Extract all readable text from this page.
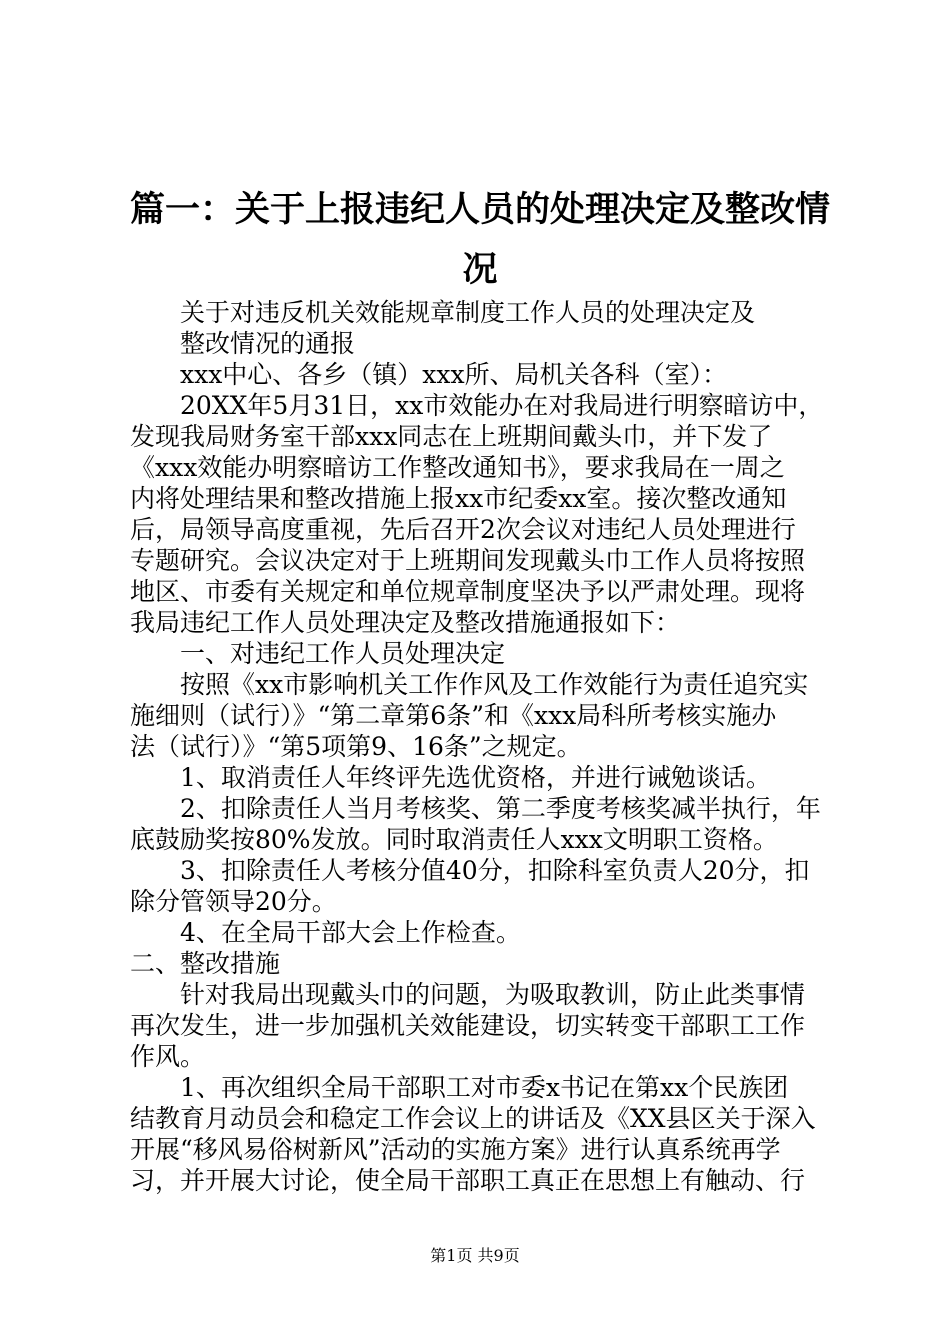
篇一：关于上报违纪人员的处理决定及整改情
况
关于对违反机关效能规章制度工作人员的处理决定及
整改情况的通报
xxx中心、各乡（镇）xxx所、局机关各科（室）：
20XX年5月31日，xx市效能办在对我局进行明察暗访中，
发现我局财务室干部xxx同志在上班期间戴头巾，并下发了
《xxx效能办明察暗访工作整改通知书》，要求我局在一周之
内将处理结果和整改措施上报xx市纪委xx室。接次整改通知
后，局领导高度重视，先后召开2次会议对违纪人员处理进行
专题研究。会议决定对于上班期间发现戴头巾工作人员将按照
地区、市委有关规定和单位规章制度坚决予以严肃处理。现将
我局违纪工作人员处理决定及整改措施通报如下：
一、对违纪工作人员处理决定
按照《xx市影响机关工作作风及工作效能行为责任追究实
施细则（试行）》“第二章第6条”和《xxx局科所考核实施办
法（试行）》“第5项第9、16条”之规定。
1、取消责任人年终评先选优资格，并进行诫勉谈话。
2、扣除责任人当月考核奖、第二季度考核奖减半执行，年
底鼓励奖按80%发放。同时取消责任人xxx文明职工资格。
3、扣除责任人考核分值40分，扣除科室负责人20分，扣
除分管领导20分。
4、在全局干部大会上作检查。
二、整改措施
针对我局出现戴头巾的问题，为吸取教训，防止此类事情
再次发生，进一步加强机关效能建设，切实转变干部职工工作
作风。
1、再次组织全局干部职工对市委x书记在第xx个民族团
结教育月动员会和稳定工作会议上的讲话及《XX县区关于深入
开展“移风易俗树新风”活动的实施方案》进行认真系统再学
习，并开展大讨论，使全局干部职工真正在思想上有触动、行
第1页 共9页
